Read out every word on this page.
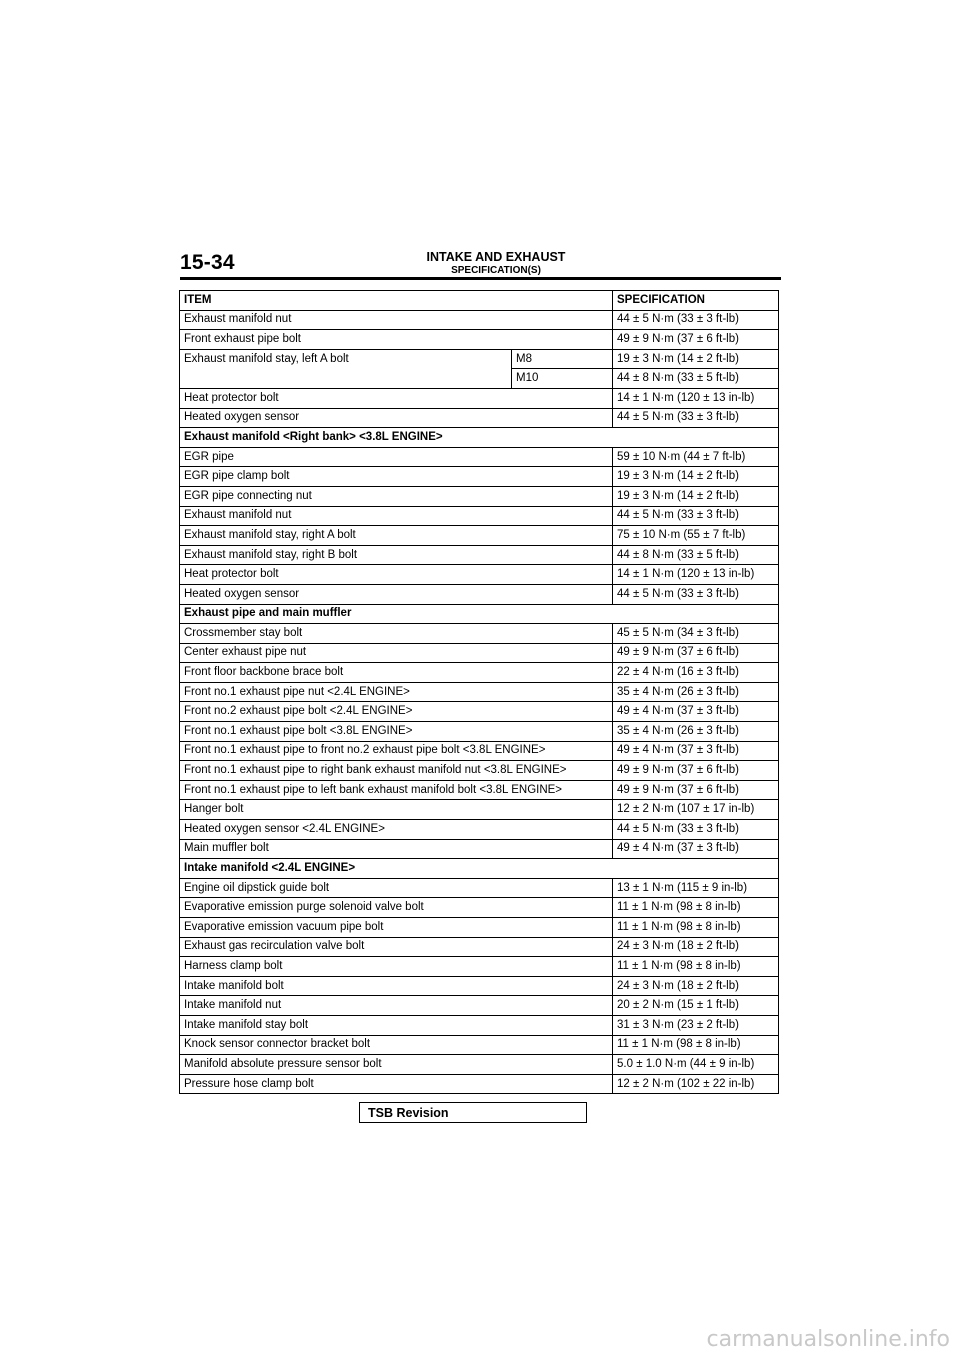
15-34	INTAKE AND EXHAUST
SPECIFICATION(S)
ITEM		SPECIFICATION
Exhaust manifold nut		44 ± 5 N·m (33 ± 3 ft-lb)
Front exhaust pipe bolt		49 ± 9 N·m (37 ± 6 ft-lb)
Exhaust manifold stay, left A bolt	M8	19 ± 3 N·m (14 ± 2 ft-lb)
	M10	44 ± 8 N·m (33 ± 5 ft-lb)
Heat protector bolt		14 ± 1 N·m (120 ± 13 in-lb)
Heated oxygen sensor		44 ± 5 N·m (33 ± 3 ft-lb)
Exhaust manifold <Right bank> <3.8L ENGINE>		
EGR pipe		59 ± 10 N·m (44 ± 7 ft-lb)
EGR pipe clamp bolt		19 ± 3 N·m (14 ± 2 ft-lb)
EGR pipe connecting nut		19 ± 3 N·m (14 ± 2 ft-lb)
Exhaust manifold nut		44 ± 5 N·m (33 ± 3 ft-lb)
Exhaust manifold stay, right A bolt		75 ± 10 N·m (55 ± 7 ft-lb)
Exhaust manifold stay, right B bolt		44 ± 8 N·m (33 ± 5 ft-lb)
Heat protector bolt		14 ± 1 N·m (120 ± 13 in-lb)
Heated oxygen sensor		44 ± 5 N·m (33 ± 3 ft-lb)
Exhaust pipe and main muffler		
Crossmember stay bolt		45 ± 5 N·m (34 ± 3 ft-lb)
Center exhaust pipe nut		49 ± 9 N·m (37 ± 6 ft-lb)
Front floor backbone brace bolt		22 ± 4 N·m (16 ± 3 ft-lb)
Front no.1 exhaust pipe nut <2.4L ENGINE>		35 ± 4 N·m (26 ± 3 ft-lb)
Front no.2 exhaust pipe bolt <2.4L ENGINE>		49 ± 4 N·m (37 ± 3 ft-lb)
Front no.1 exhaust pipe bolt <3.8L ENGINE>		35 ± 4 N·m (26 ± 3 ft-lb)
Front no.1 exhaust pipe to front no.2 exhaust pipe bolt <3.8L ENGINE>		49 ± 4 N·m (37 ± 3 ft-lb)
Front no.1 exhaust pipe to right bank exhaust manifold nut <3.8L ENGINE>		49 ± 9 N·m (37 ± 6 ft-lb)
Front no.1 exhaust pipe to left bank exhaust manifold bolt <3.8L ENGINE>		49 ± 9 N·m (37 ± 6 ft-lb)
Hanger bolt		12 ± 2 N·m (107 ± 17 in-lb)
Heated oxygen sensor <2.4L ENGINE>		44 ± 5 N·m (33 ± 3 ft-lb)
Main muffler bolt		49 ± 4 N·m (37 ± 3 ft-lb)
Intake manifold <2.4L ENGINE>		
Engine oil dipstick guide bolt		13 ± 1 N·m (115 ± 9 in-lb)
Evaporative emission purge solenoid valve bolt		11 ± 1 N·m (98 ± 8 in-lb)
Evaporative emission vacuum pipe bolt		11 ± 1 N·m (98 ± 8 in-lb)
Exhaust gas recirculation valve bolt		24 ± 3 N·m (18 ± 2 ft-lb)
Harness clamp bolt		11 ± 1 N·m (98 ± 8 in-lb)
Intake manifold bolt		24 ± 3 N·m (18 ± 2 ft-lb)
Intake manifold nut		20 ± 2 N·m (15 ± 1 ft-lb)
Intake manifold stay bolt		31 ± 3 N·m (23 ± 2 ft-lb)
Knock sensor connector bracket bolt		11 ± 1 N·m (98 ± 8 in-lb)
Manifold absolute pressure sensor bolt		5.0 ± 1.0 N·m (44 ± 9 in-lb)
Pressure hose clamp bolt		12 ± 2 N·m (102 ± 22 in-lb)
TSB Revision
carmanualsonline.info
